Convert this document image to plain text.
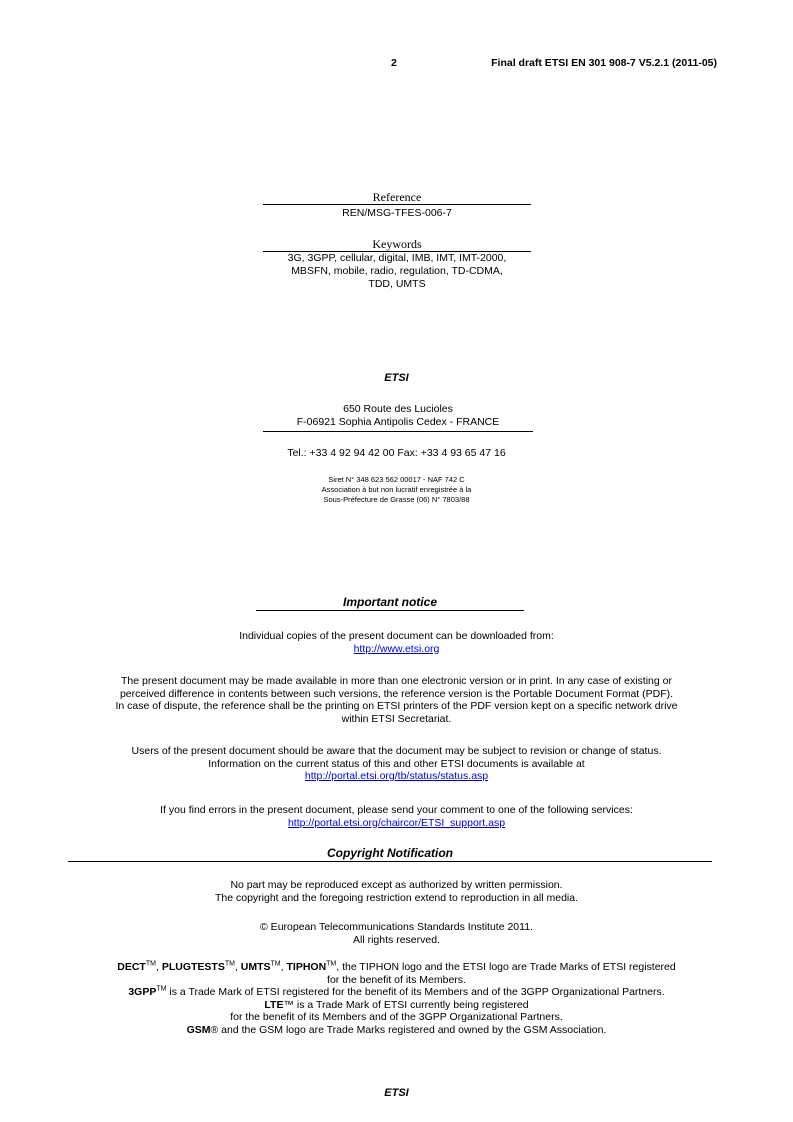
2	Final draft ETSI EN 301 908-7 V5.2.1 (2011-05)
Reference
REN/MSG-TFES-006-7
Keywords
3G, 3GPP, cellular, digital, IMB, IMT, IMT-2000,
MBSFN, mobile, radio, regulation, TD-CDMA,
TDD, UMTS
ETSI
650 Route des Lucioles
F-06921 Sophia Antipolis Cedex - FRANCE
Tel.: +33 4 92 94 42 00 Fax: +33 4 93 65 47 16
Siret N° 348 623 562 00017 - NAF 742 C
Association à but non lucratif enregistrée à la
Sous-Préfecture de Grasse (06) N° 7803/88
Important notice
Individual copies of the present document can be downloaded from:
http://www.etsi.org
The present document may be made available in more than one electronic version or in print. In any case of existing or
perceived difference in contents between such versions, the reference version is the Portable Document Format (PDF).
In case of dispute, the reference shall be the printing on ETSI printers of the PDF version kept on a specific network drive
within ETSI Secretariat.
Users of the present document should be aware that the document may be subject to revision or change of status.
Information on the current status of this and other ETSI documents is available at
http://portal.etsi.org/tb/status/status.asp
If you find errors in the present document, please send your comment to one of the following services:
http://portal.etsi.org/chaircor/ETSI_support.asp
Copyright Notification
No part may be reproduced except as authorized by written permission.
The copyright and the foregoing restriction extend to reproduction in all media.
© European Telecommunications Standards Institute 2011.
All rights reserved.
DECT™, PLUGTESTS™, UMTS™, TIPHON™, the TIPHON logo and the ETSI logo are Trade Marks of ETSI registered
for the benefit of its Members.
3GPP™ is a Trade Mark of ETSI registered for the benefit of its Members and of the 3GPP Organizational Partners.
LTE™ is a Trade Mark of ETSI currently being registered
for the benefit of its Members and of the 3GPP Organizational Partners.
GSM® and the GSM logo are Trade Marks registered and owned by the GSM Association.
ETSI
